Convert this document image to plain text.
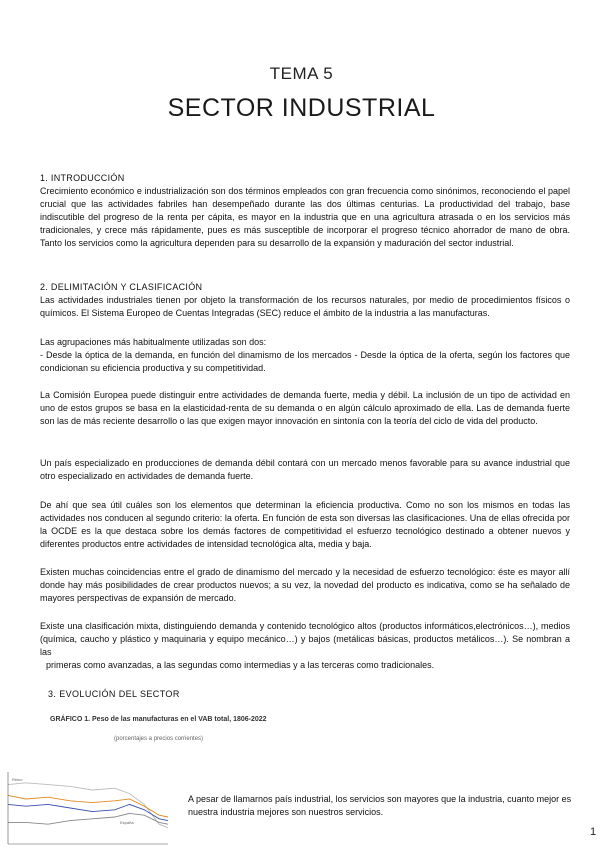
TEMA 5
SECTOR INDUSTRIAL

1. INTRODUCCIÓN

Crecimiento económico e industrialización son dos términos empleados con gran frecuencia como sinónimos, reconociendo el papel crucial que las actividades fabriles han desempeñado durante las dos últimas centurias. La productividad del trabajo, base indiscutible del progreso de la renta per cápita, es mayor en la industria que en una agricultura atrasada o en los servicios más tradicionales, y crece más rápidamente, pues es más susceptible de incorporar el progreso técnico ahorrador de mano de obra. Tanto los servicios como la agricultura dependen para su desarrollo de la expansión y maduración del sector industrial.

2. DELIMITACIÓN Y CLASIFICACIÓN

Las actividades industriales tienen por objeto la transformación de los recursos naturales, por medio de procedimientos físicos o químicos. El Sistema Europeo de Cuentas Integradas (SEC) reduce el ámbito de la industria a las manufacturas.

Las agrupaciones más habitualmente utilizadas son dos:

- Desde la óptica de la demanda, en función del dinamismo de los mercados - Desde la óptica de la oferta, según los factores que condicionan su eficiencia productiva y su competitividad.

La Comisión Europea puede distinguir entre actividades de demanda fuerte, media y débil. La inclusión de un tipo de actividad en uno de estos grupos se basa en la elasticidad-renta de su demanda o en algún cálculo aproximado de ella. Las de demanda fuerte son las de más reciente desarrollo o las que exigen mayor innovación en sintonía con la teoría del ciclo de vida del producto.
Un país especializado en producciones de demanda débil contará con un mercado menos favorable para su avance industrial que otro especializado en actividades de demanda fuerte.
De ahí que sea útil cuáles son los elementos que determinan la eficiencia productiva. Como no son los mismos en todas las actividades nos conducen al segundo criterio: la oferta. En función de esta son diversas las clasificaciones. Una de ellas ofrecida por la OCDE es la que destaca sobre los demás factores de competitividad el esfuerzo tecnológico destinado a obtener nuevos y diferentes productos entre actividades de intensidad tecnológica alta, media y baja.
Existen muchas coincidencias entre el grado de dinamismo del mercado y la necesidad de esfuerzo tecnológico: éste es mayor allí donde hay más posibilidades de crear productos nuevos; a su vez, la novedad del producto es indicativa, como se ha señalado de mayores perspectivas de expansión de mercado.

Existe una clasificación mixta, distinguiendo demanda y contenido tecnológico altos (productos informáticos,electrónicos…), medios (química, caucho y plástico y maquinaria y equipo mecánico…) y bajos (metálicas básicas, productos metálicos…). Se nombran a las

primeras como avanzadas, a las segundas como intermedias y a las terceras como tradicionales.

3. EVOLUCIÓN DEL SECTOR
GRÁFICO 1. Peso de las manufacturas en el VAB total, 1806-2022
(porcentajes a precios corrientes)
Reino
España
A pesar de llamarnos país industrial, los servicios son mayores que la industria, cuanto mejor es nuestra industria mejores son nuestros servicios.
1
